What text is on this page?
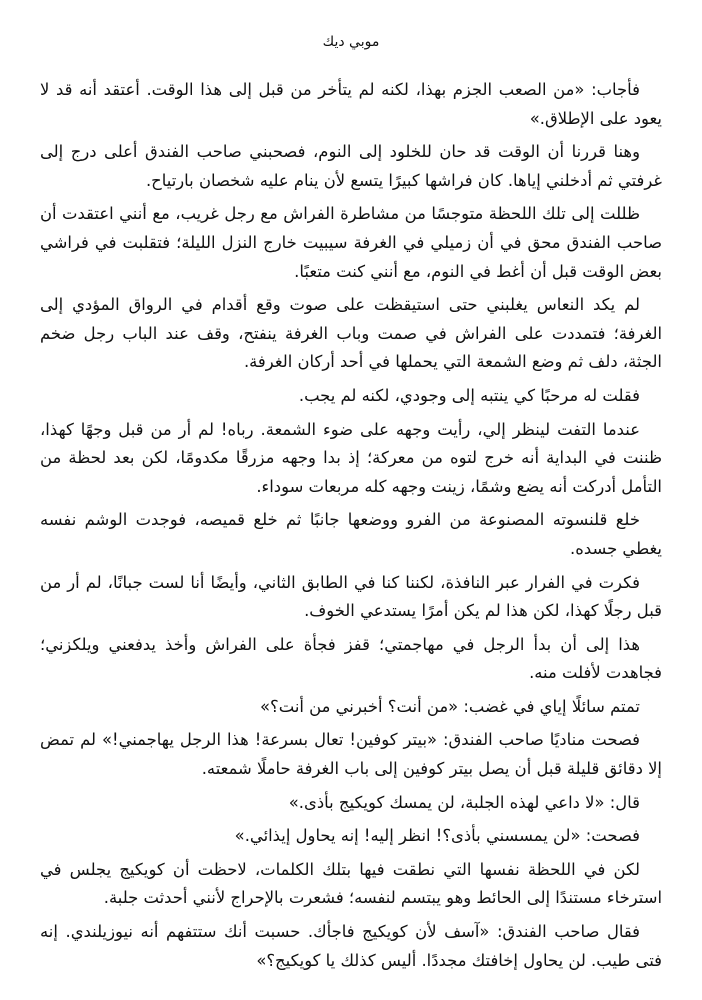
موبي ديك

فأجاب: «من الصعب الجزم بهذا، لكنه لم يتأخر من قبل إلى هذا الوقت. أعتقد أنه قد لا يعود على الإطلاق.»

وهنا قررنا أن الوقت قد حان للخلود إلى النوم، فصحبني صاحب الفندق أعلى درج إلى غرفتي ثم أدخلني إياها. كان فراشها كبيرًا يتسع لأن ينام عليه شخصان بارتياح.

ظللت إلى تلك اللحظة متوجسًا من مشاطرة الفراش مع رجل غريب، مع أنني اعتقدت أن صاحب الفندق محق في أن زميلي في الغرفة سيبيت خارج النزل الليلة؛ فتقلبت في فراشي بعض الوقت قبل أن أغط في النوم، مع أنني كنت متعبًا.

لم يكد النعاس يغلبني حتى استيقظت على صوت وقع أقدام في الرواق المؤدي إلى الغرفة؛ فتمددت على الفراش في صمت وباب الغرفة ينفتح، وقف عند الباب رجل ضخم الجثة، دلف ثم وضع الشمعة التي يحملها في أحد أركان الغرفة.

فقلت له مرحبًا كي ينتبه إلى وجودي، لكنه لم يجب.

عندما التفت لينظر إلي، رأيت وجهه على ضوء الشمعة. رباه! لم أر من قبل وجهًا كهذا، ظننت في البداية أنه خرج لتوه من معركة؛ إذ بدا وجهه مزرقًا مكدومًا، لكن بعد لحظة من التأمل أدركت أنه يضع وشمًا، زينت وجهه كله مربعات سوداء.

خلع قلنسوته المصنوعة من الفرو ووضعها جانبًا ثم خلع قميصه، فوجدت الوشم نفسه يغطي جسده.

فكرت في الفرار عبر النافذة، لكننا كنا في الطابق الثاني، وأيضًا أنا لست جبانًا، لم أر من قبل رجلًا كهذا، لكن هذا لم يكن أمرًا يستدعي الخوف.

هذا إلى أن بدأ الرجل في مهاجمتي؛ قفز فجأة على الفراش وأخذ يدفعني ويلكزني؛ فجاهدت لأفلت منه.

تمتم سائلًا إياي في غضب: «من أنت؟ أخبرني من أنت؟»

فصحت مناديًا صاحب الفندق: «بيتر كوفين! تعال بسرعة! هذا الرجل يهاجمني!» لم تمض إلا دقائق قليلة قبل أن يصل بيتر كوفين إلى باب الغرفة حاملًا شمعته.

قال: «لا داعي لهذه الجلبة، لن يمسك كويكيج بأذى.»

فصحت: «لن يمسسني بأذى؟! انظر إليه! إنه يحاول إيذائي.»

لكن في اللحظة نفسها التي نطقت فيها بتلك الكلمات، لاحظت أن كويكيج يجلس في استرخاء مستندًا إلى الحائط وهو يبتسم لنفسه؛ فشعرت بالإحراج لأنني أحدثت جلبة.

فقال صاحب الفندق: «آسف لأن كويكيج فاجأك. حسبت أنك ستتفهم أنه نيوزيلندي. إنه فتى طيب. لن يحاول إخافتك مجددًا. أليس كذلك يا كويكيج؟»
